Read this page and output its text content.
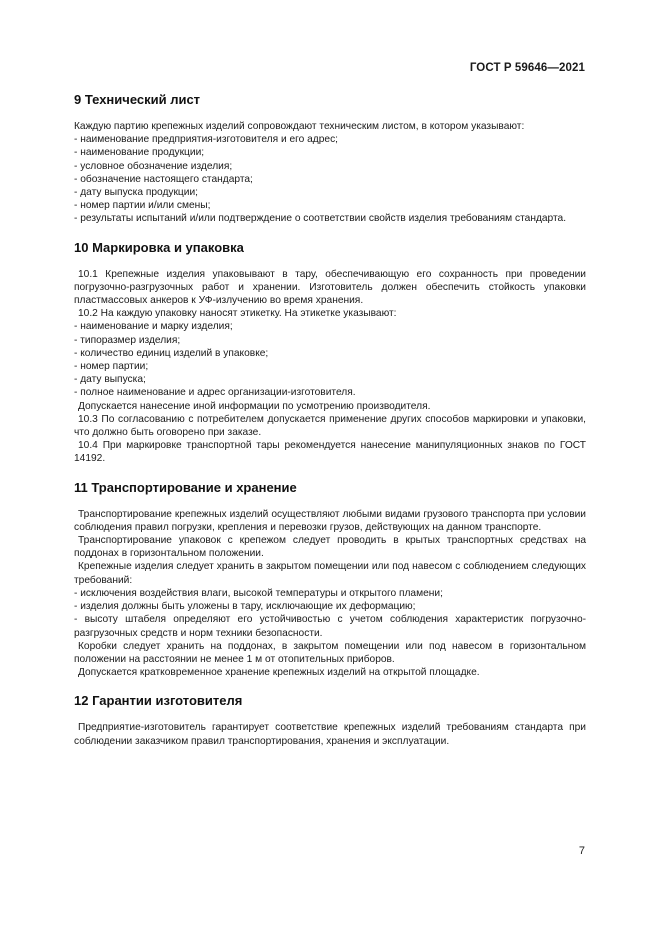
ГОСТ Р 59646—2021
9 Технический лист

Каждую партию крепежных изделий сопровождают техническим листом, в котором указывают:

- наименование предприятия-изготовителя и его адрес;

- наименование продукции;

- условное обозначение изделия;

- обозначение настоящего стандарта;

- дату выпуска продукции;

- номер партии и/или смены;

- результаты испытаний и/или подтверждение о соответствии свойств изделия требованиям стандарта.

10 Маркировка и упаковка

10.1 Крепежные изделия упаковывают в тару, обеспечивающую его сохранность при проведении погрузочно-разгрузочных работ и хранении. Изготовитель должен обеспечить стойкость упаковки пластмассовых анкеров к УФ-излучению во время хранения.

10.2 На каждую упаковку наносят этикетку. На этикетке указывают:

- наименование и марку изделия;

- типоразмер изделия;

- количество единиц изделий в упаковке;

- номер партии;

- дату выпуска;

- полное наименование и адрес организации-изготовителя.

Допускается нанесение иной информации по усмотрению производителя.

10.3 По согласованию с потребителем допускается применение других способов маркировки и упаковки, что должно быть оговорено при заказе.

10.4 При маркировке транспортной тары рекомендуется нанесение манипуляционных знаков по ГОСТ 14192.

11 Транспортирование и хранение

Транспортирование крепежных изделий осуществляют любыми видами грузового транспорта при условии соблюдения правил погрузки, крепления и перевозки грузов, действующих на данном транспорте.

Транспортирование упаковок с крепежом следует проводить в крытых транспортных средствах на поддонах в горизонтальном положении.

Крепежные изделия следует хранить в закрытом помещении или под навесом с соблюдением следующих требований:

- исключения воздействия влаги, высокой температуры и открытого пламени;

- изделия должны быть уложены в тару, исключающие их деформацию;

- высоту штабеля определяют его устойчивостью с учетом соблюдения характеристик погрузочно-разгрузочных средств и норм техники безопасности.

Коробки следует хранить на поддонах, в закрытом помещении или под навесом в горизонтальном положении на расстоянии не менее 1 м от отопительных приборов.

Допускается кратковременное хранение крепежных изделий на открытой площадке.

12 Гарантии изготовителя

Предприятие-изготовитель гарантирует соответствие крепежных изделий требованиям стандарта при соблюдении заказчиком правил транспортирования, хранения и эксплуатации.

7
